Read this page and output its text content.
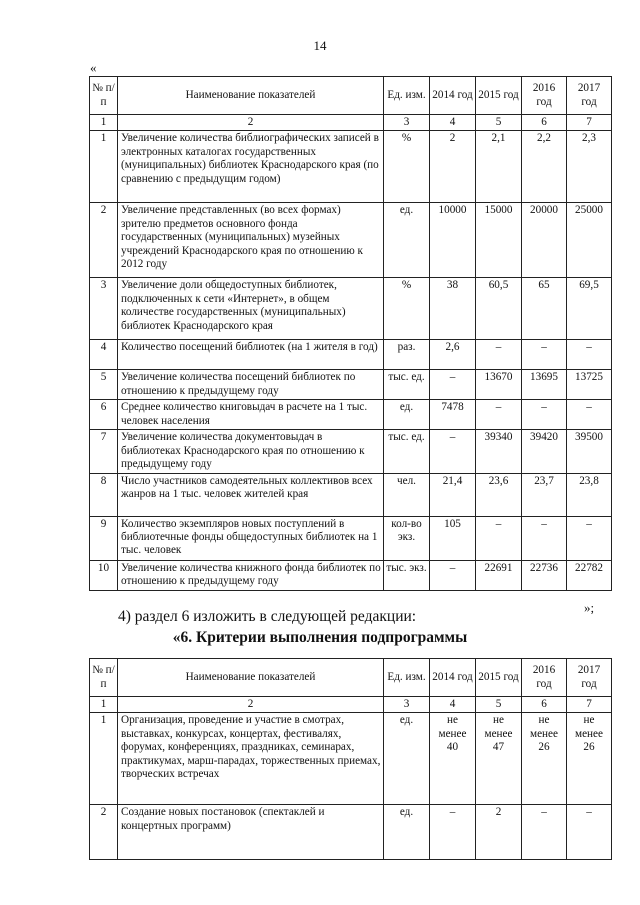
14
«
№ п/п	Наименование показателей	Ед. изм.	2014 год	2015 год	2016 год	2017 год
1	2	3	4	5	6	7
1	Увеличение количества библиографических записей в электронных каталогах государственных (муниципальных) библиотек Краснодарского края (по сравнению с предыдущим годом)	%	2	2,1	2,2	2,3
2	Увеличение представленных (во всех формах) зрителю предметов основного фонда государственных (муниципальных) музейных учреждений Краснодарского края по отношению к 2012 году	ед.	10000	15000	20000	25000
3	Увеличение доли общедоступных библиотек, подключенных к сети «Интернет», в общем количестве государственных (муниципальных) библиотек Краснодарского края	%	38	60,5	65	69,5
4	Количество посещений библиотек (на 1 жителя в год)	раз.	2,6	–	–	–
5	Увеличение количества посещений библиотек по отношению к предыдущему году	тыс. ед.	–	13670	13695	13725
6	Среднее количество книговыдач в расчете на 1 тыс. человек населения	ед.	7478	–	–	–
7	Увеличение количества документовыдач в библиотеках Краснодарского края по отношению к предыдущему году	тыс. ед.	–	39340	39420	39500
8	Число участников самодеятельных коллективов всех жанров на 1 тыс. человек жителей края	чел.	21,4	23,6	23,7	23,8
9	Количество экземпляров новых поступлений в библиотечные фонды общедоступных библиотек на 1 тыс. человек	кол-во экз.	105	–	–	–
10	Увеличение количества книжного фонда библиотек по отношению к предыдущему году	тыс. экз.	–	22691	22736	22782
»;
4) раздел 6 изложить в следующей редакции:
«6. Критерии выполнения подпрограммы
№ п/п	Наименование показателей	Ед. изм.	2014 год	2015 год	2016 год	2017 год
1	2	3	4	5	6	7
1	Организация, проведение и участие в смотрах, выставках, конкурсах, концертах, фестивалях, форумах, конференциях, праздниках, семинарах, практикумах, марш-парадах, торжественных приемах, творческих встречах	ед.	не менее 40	не менее 47	не менее 26	не менее 26
2	Создание новых постановок (спектаклей и концертных программ)	ед.	–	2	–	–
